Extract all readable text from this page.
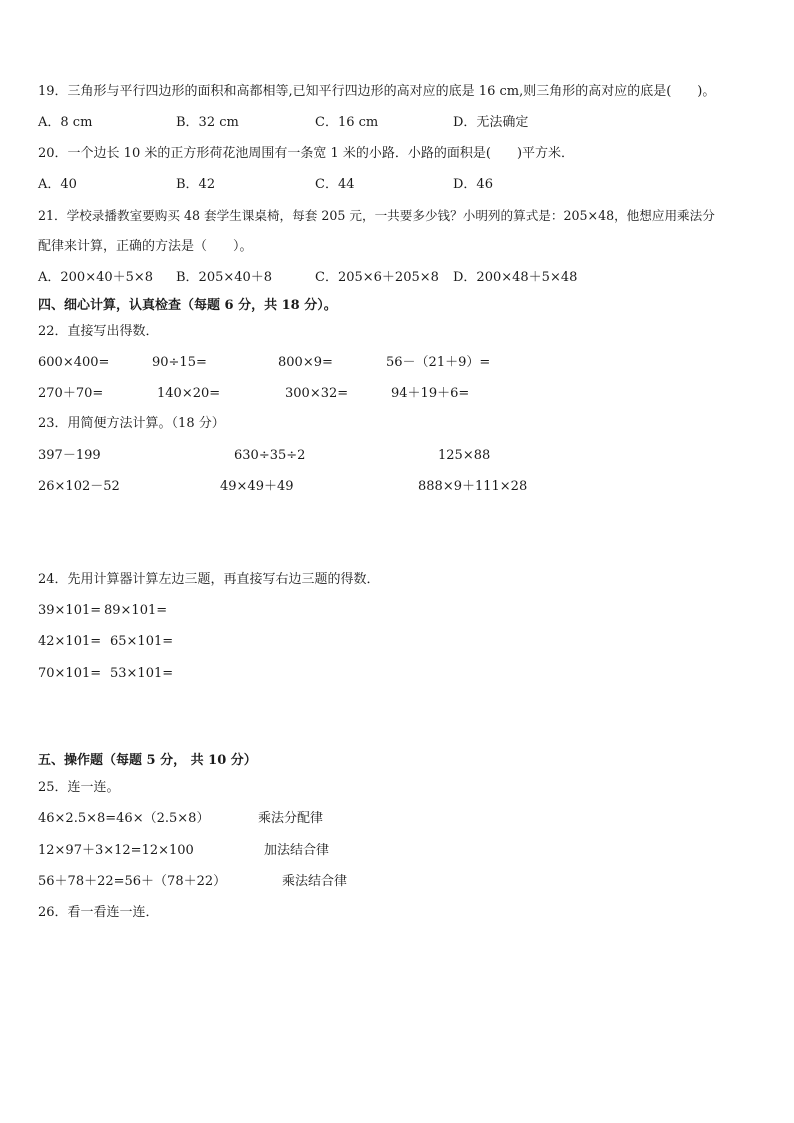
19．三角形与平行四边形的面积和高都相等,已知平行四边形的高对应的底是 16 cm,则三角形的高对应的底是(　　)。
A．8 cm	B．32 cm	C．16 cm	D．无法确定
20．一个边长 10 米的正方形荷花池周围有一条宽 1 米的小路．小路的面积是(　　)平方米．
A．40	B．42	C．44	D．46
21．学校录播教室要购买 48 套学生课桌椅，每套 205 元，一共要多少钱？小明列的算式是：205×48，他想应用乘法分
配律来计算，正确的方法是（　　）。
A．200×40＋5×8 B．205×40＋8	C．205×6＋205×8 D．200×48＋5×48
四、细心计算，认真检查（每题 6 分，共 18 分）。
22．直接写出得数．
600×400=	90÷15=	800×9=	56－（21＋9）=
270＋70=	140×20=	300×32=	94＋19＋6=
23．用简便方法计算。（18 分）
397－199	630÷35÷2	125×88
26×102－52	49×49＋49	888×9＋111×28
24．先用计算器计算左边三题，再直接写右边三题的得数．
39×101= 89×101=
42×101= 65×101=
70×101= 53×101=
五、操作题（每题 5 分， 共 10 分）
25．连一连。
46×2.5×8=46×（2.5×8）	乘法分配律
12×97＋3×12=12×100	加法结合律
56＋78＋22=56＋（78＋22）	乘法结合律
26．看一看连一连．
